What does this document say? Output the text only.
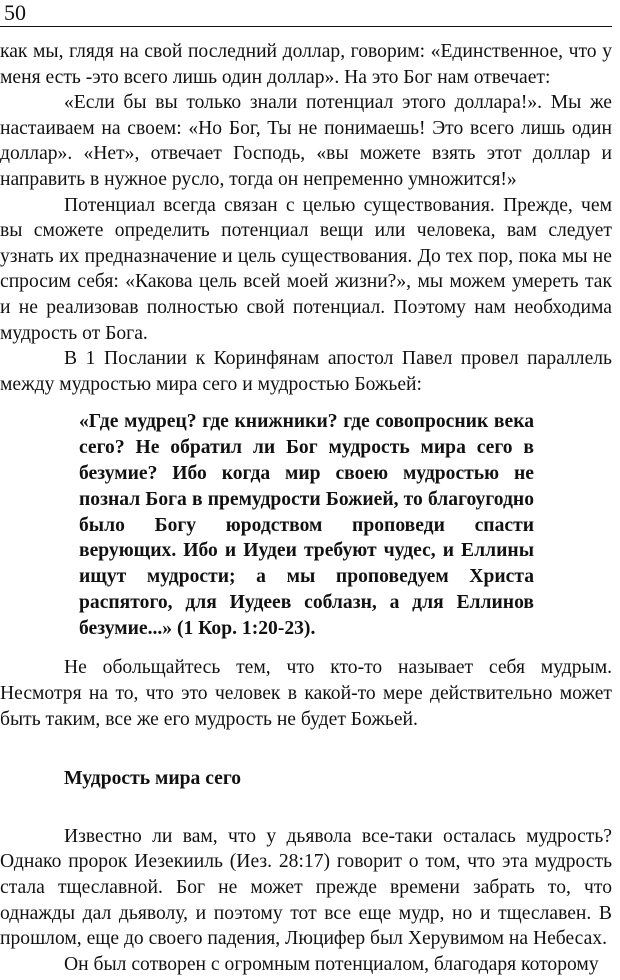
50

как мы, глядя на свой последний доллар, говорим: «Единственное, что у меня есть -это всего лишь один доллар». На это Бог нам отвечает:

«Если бы вы только знали потенциал этого доллара!». Мы же настаиваем на своем: «Но Бог, Ты не понимаешь! Это всего лишь один доллар». «Нет», отвечает Господь, «вы можете взять этот доллар и направить в нужное русло, тогда он непременно умножится!»

Потенциал всегда связан с целью существования. Прежде, чем вы сможете определить потенциал вещи или человека, вам следует узнать их предназначение и цель существования. До тех пор, пока мы не спросим себя: «Какова цель всей моей жизни?», мы можем умереть так и не реализовав полностью свой потенциал. Поэтому нам необходима мудрость от Бога.

В 1 Послании к Коринфянам апостол Павел провел параллель между мудростью мира сего и мудростью Божьей:

«Где мудрец? где книжники? где совопросник века сего? Не обратил ли Бог мудрость мира сего в безумие? Ибо когда мир своею мудростью не познал Бога в премудрости Божией, то благоугодно было Богу юродством проповеди спасти верующих. Ибо и Иудеи требуют чудес, и Еллины ищут мудрости; а мы проповедуем Христа распятого, для Иудеев соблазн, а для Еллинов безумие...» (1 Кор. 1:20-23).

Не обольщайтесь тем, что кто-то называет себя мудрым. Несмотря на то, что это человек в какой-то мере действительно может быть таким, все же его мудрость не будет Божьей.

Мудрость мира сего

Известно ли вам, что у дьявола все-таки осталась мудрость? Однако пророк Иезекииль (Иез. 28:17) говорит о том, что эта мудрость стала тщеславной. Бог не может прежде времени забрать то, что однажды дал дьяволу, и поэтому тот все еще мудр, но и тщеславен. В прошлом, еще до своего падения, Люцифер был Херувимом на Небесах.

Он был сотворен с огромным потенциалом, благодаря которому
